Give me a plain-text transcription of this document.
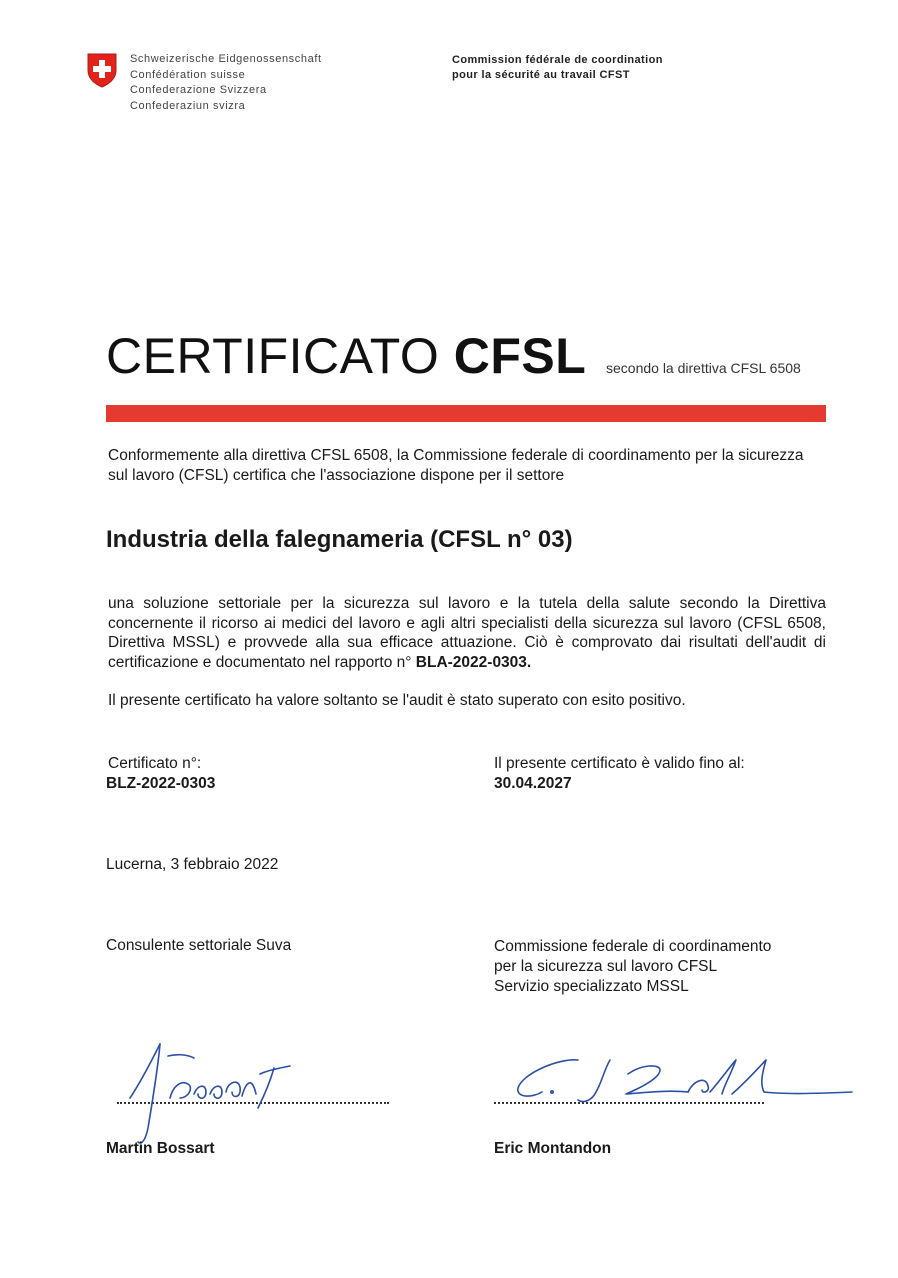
Schweizerische Eidgenossenschaft
Confédération suisse
Confederazione Svizzera
Confederaziun svizra
Commission fédérale de coordination
pour la sécurité au travail CFST
CERTIFICATO CFSL secondo la direttiva CFSL 6508
Conformemente alla direttiva CFSL 6508, la Commissione federale di coordinamento per la sicurezza sul lavoro (CFSL) certifica che l'associazione dispone per il settore
Industria della falegnameria (CFSL n° 03)
una soluzione settoriale per la sicurezza sul lavoro e la tutela della salute secondo la Direttiva concernente il ricorso ai medici del lavoro e agli altri specialisti della sicurezza sul lavoro (CFSL 6508, Direttiva MSSL) e provvede alla sua efficace attuazione. Ciò è comprovato dai risultati dell'audit di certificazione e documentato nel rapporto n° BLA-2022-0303.
Il presente certificato ha valore soltanto se l'audit è stato superato con esito positivo.
Certificato n°:
BLZ-2022-0303
Il presente certificato è valido fino al:
30.04.2027
Lucerna, 3 febbraio 2022
Consulente settoriale Suva	Commissione federale di coordinamento
per la sicurezza sul lavoro CFSL
Servizio specializzato MSSL
Martin Bossart	Eric Montandon
